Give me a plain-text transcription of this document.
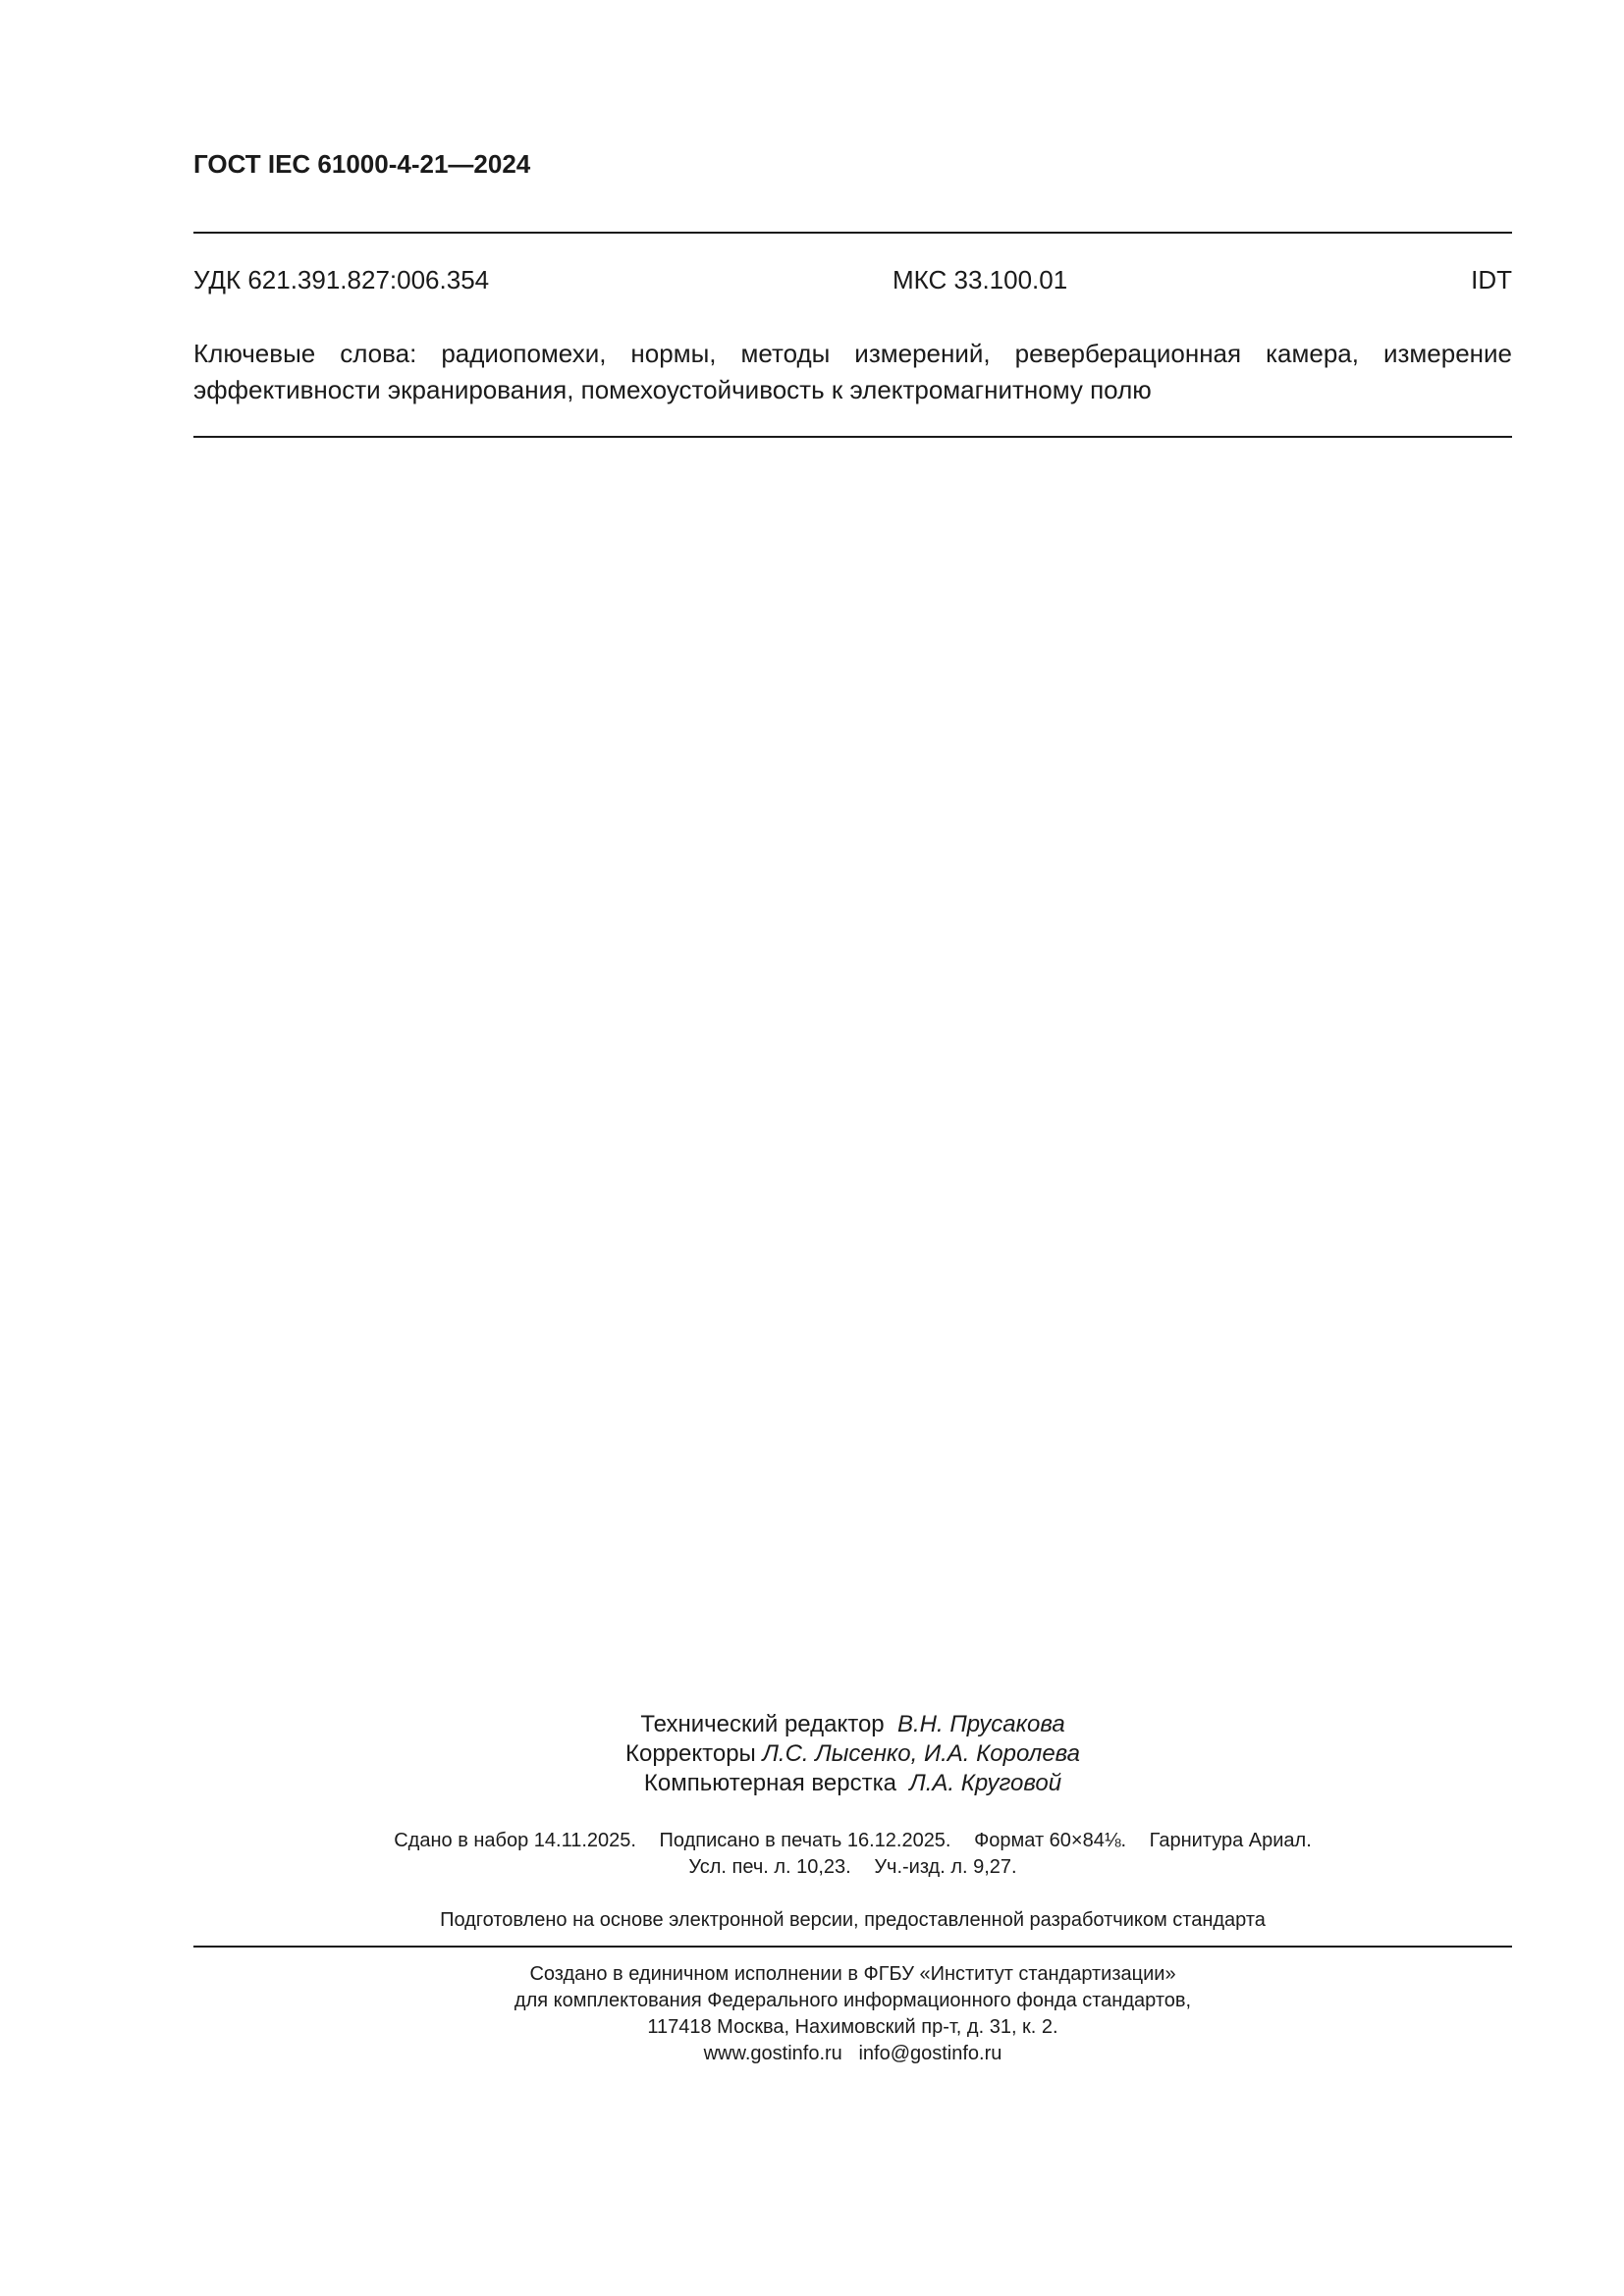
ГОСТ IEC 61000-4-21—2024
УДК 621.391.827:006.354	МКС 33.100.01	IDT
Ключевые слова: радиопомехи, нормы, методы измерений, реверберационная камера, измерение эффективности экранирования, помехоустойчивость к электромагнитному полю
Технический редактор В.Н. Прусакова
Корректоры Л.С. Лысенко, И.А. Королева
Компьютерная верстка Л.А. Круговой
Сдано в набор 14.11.2025. Подписано в печать 16.12.2025. Формат 60×84⅛. Гарнитура Ариал.
Усл. печ. л. 10,23. Уч.-изд. л. 9,27.
Подготовлено на основе электронной версии, предоставленной разработчиком стандарта
Создано в единичном исполнении в ФГБУ «Институт стандартизации»
для комплектования Федерального информационного фонда стандартов,
117418 Москва, Нахимовский пр-т, д. 31, к. 2.
www.gostinfo.ru info@gostinfo.ru
